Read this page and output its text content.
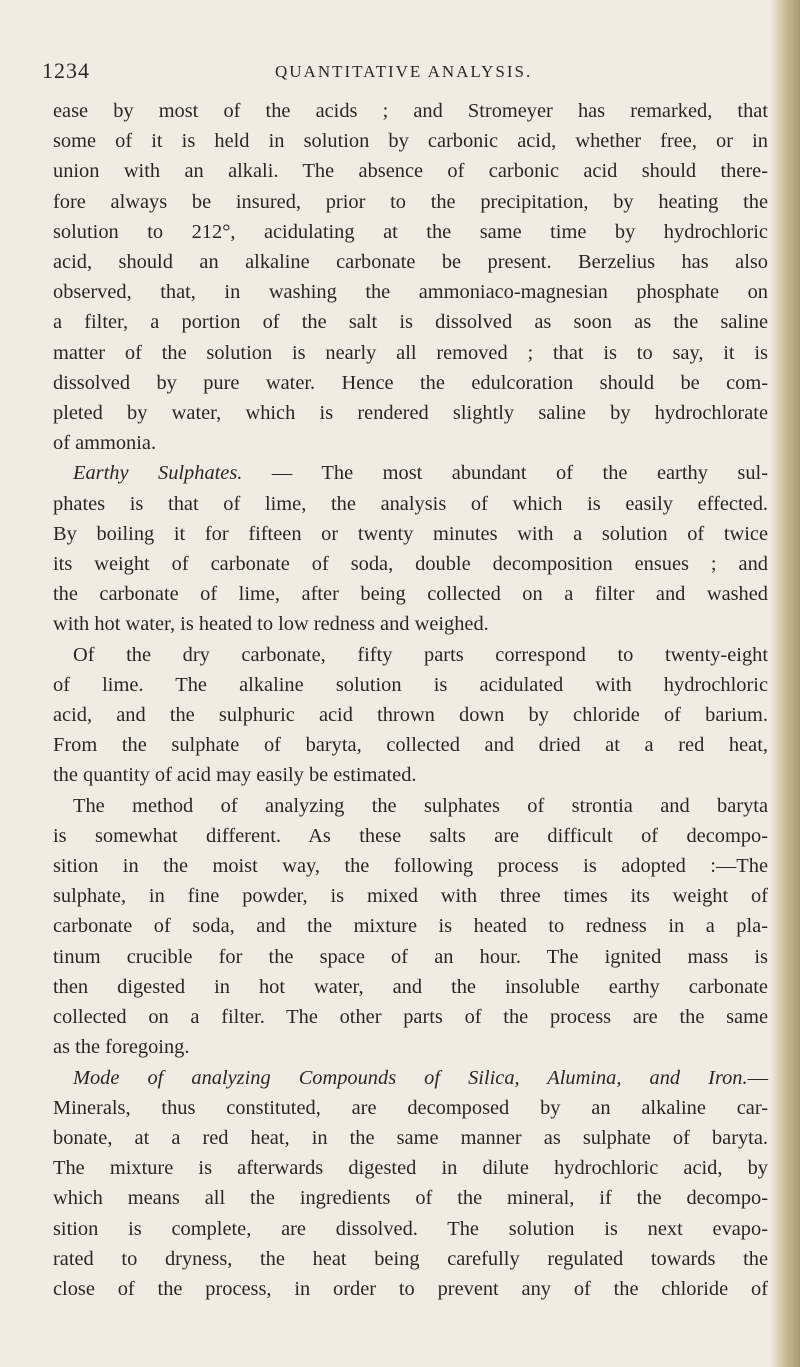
1234	QUANTITATIVE ANALYSIS.
ease by most of the acids ; and Stromeyer has remarked, that
some of it is held in solution by carbonic acid, whether free, or in
union with an alkali. The absence of carbonic acid should there-
fore always be insured, prior to the precipitation, by heating the
solution to 212°, acidulating at the same time by hydrochloric
acid, should an alkaline carbonate be present. Berzelius has also
observed, that, in washing the ammoniaco-magnesian phosphate on
a filter, a portion of the salt is dissolved as soon as the saline
matter of the solution is nearly all removed ; that is to say, it is
dissolved by pure water. Hence the edulcoration should be com-
pleted by water, which is rendered slightly saline by hydrochlorate
of ammonia.
Earthy Sulphates. — The most abundant of the earthy sul-
phates is that of lime, the analysis of which is easily effected.
By boiling it for fifteen or twenty minutes with a solution of twice
its weight of carbonate of soda, double decomposition ensues ; and
the carbonate of lime, after being collected on a filter and washed
with hot water, is heated to low redness and weighed.
Of the dry carbonate, fifty parts correspond to twenty-eight
of lime. The alkaline solution is acidulated with hydrochloric
acid, and the sulphuric acid thrown down by chloride of barium.
From the sulphate of baryta, collected and dried at a red heat,
the quantity of acid may easily be estimated.
The method of analyzing the sulphates of strontia and baryta
is somewhat different. As these salts are difficult of decompo-
sition in the moist way, the following process is adopted :—The
sulphate, in fine powder, is mixed with three times its weight of
carbonate of soda, and the mixture is heated to redness in a pla-
tinum crucible for the space of an hour. The ignited mass is
then digested in hot water, and the insoluble earthy carbonate
collected on a filter. The other parts of the process are the same
as the foregoing.
Mode of analyzing Compounds of Silica, Alumina, and Iron.—
Minerals, thus constituted, are decomposed by an alkaline car-
bonate, at a red heat, in the same manner as sulphate of baryta.
The mixture is afterwards digested in dilute hydrochloric acid, by
which means all the ingredients of the mineral, if the decompo-
sition is complete, are dissolved. The solution is next evapo-
rated to dryness, the heat being carefully regulated towards the
close of the process, in order to prevent any of the chloride of
